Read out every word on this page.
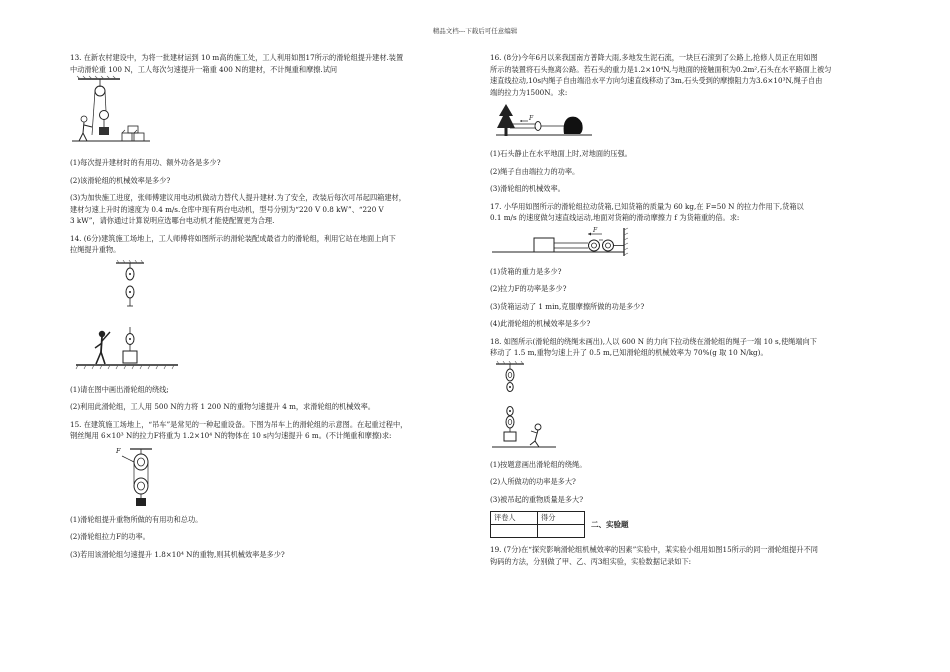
精品文档---下载后可任意编辑

13. 在新农村建设中，为将一批建材运到 10 m高的施工处，工人利用如图17所示的滑轮组提升建材.装置

中动滑轮重 100 N，工人每次匀速提升一箱重 400 N的建材，不计绳重和摩擦.试问

(1)每次提升建材时的有用功、额外功各是多少?

(2)该滑轮组的机械效率是多少?

(3)为加快施工进度，张师傅建议用电动机做动力替代人提升建材.为了安全，改装后每次可吊起四箱建材，

建材匀速上升时的速度为 0.4 m/s.仓库中现有两台电动机，型号分别为“220 V 0.8 kW”、“220 V

3 kW”，请你通过计算说明应选哪台电动机才能使配置更为合理.

14. (6分)建筑施工场地上，工人师傅将如图所示的滑轮装配成最省力的滑轮组，利用它站在地面上向下

拉绳提升重物。

(1)请在图中画出滑轮组的绕线;

(2)利用此滑轮组，工人用 500 N的力将 1 200 N的重物匀速提升 4 m，求滑轮组的机械效率。

15. 在建筑施工场地上，“吊车”是常见的一种起重设备。下图为吊车上的滑轮组的示意图。在起重过程中，

钢丝绳用 6×10³ N的拉力F将重为 1.2×10⁴ N的物体在 10 s内匀速提升 6 m。(不计绳重和摩擦)求:

F

(1)滑轮组提升重物所做的有用功和总功。

(2)滑轮组拉力F的功率。

(3)若用该滑轮组匀速提升 1.8×10⁴ N的重物,则其机械效率是多少?

16. (8分)今年6月以来我国南方普降大雨,多地发生泥石流，一块巨石滚到了公路上,抢修人员正在用如图

所示的装置将石头拖离公路。若石头的重力是1.2×10⁴N,与地面的接触面积为0.2m²,石头在水平路面上被匀

速直线拉动,10s内绳子自由端沿水平方向匀速直线移动了3m,石头受到的摩擦阻力为3.6×10³N,绳子自由

端的拉力为1500N。求:

F

(1)石头静止在水平地面上时,对地面的压强。

(2)绳子自由端拉力的功率。

(3)滑轮组的机械效率。

17. 小华用如图所示的滑轮组拉动货箱,已知货箱的质量为 60 kg,在 F=50 N 的拉力作用下,货箱以

0.1 m/s 的速度做匀速直线运动,地面对货箱的滑动摩擦力 f 为货箱重的倍。求:

F

(1)货箱的重力是多少?

(2)拉力F的功率是多少?

(3)货箱运动了 1 min,克服摩擦所做的功是多少?

(4)此滑轮组的机械效率是多少?

18. 如图所示(滑轮组的绕绳未画出),人以 600 N 的力向下拉动绕在滑轮组的绳子一端 10 s,使绳端向下

移动了 1.5 m,重物匀速上升了 0.5 m,已知滑轮组的机械效率为 70%(g 取 10 N/kg)。

(1)按题意画出滑轮组的绕绳。

(2)人所做功的功率是多大?

(3)被吊起的重物质量是多大?

评卷人	得分

二、实验题

19. (7分)在“探究影响滑轮组机械效率的因素”实验中，某实验小组用如图15所示的同一滑轮组提升不同

钩码的方法，分别做了甲、乙、丙3组实验，实验数据记录如下:
